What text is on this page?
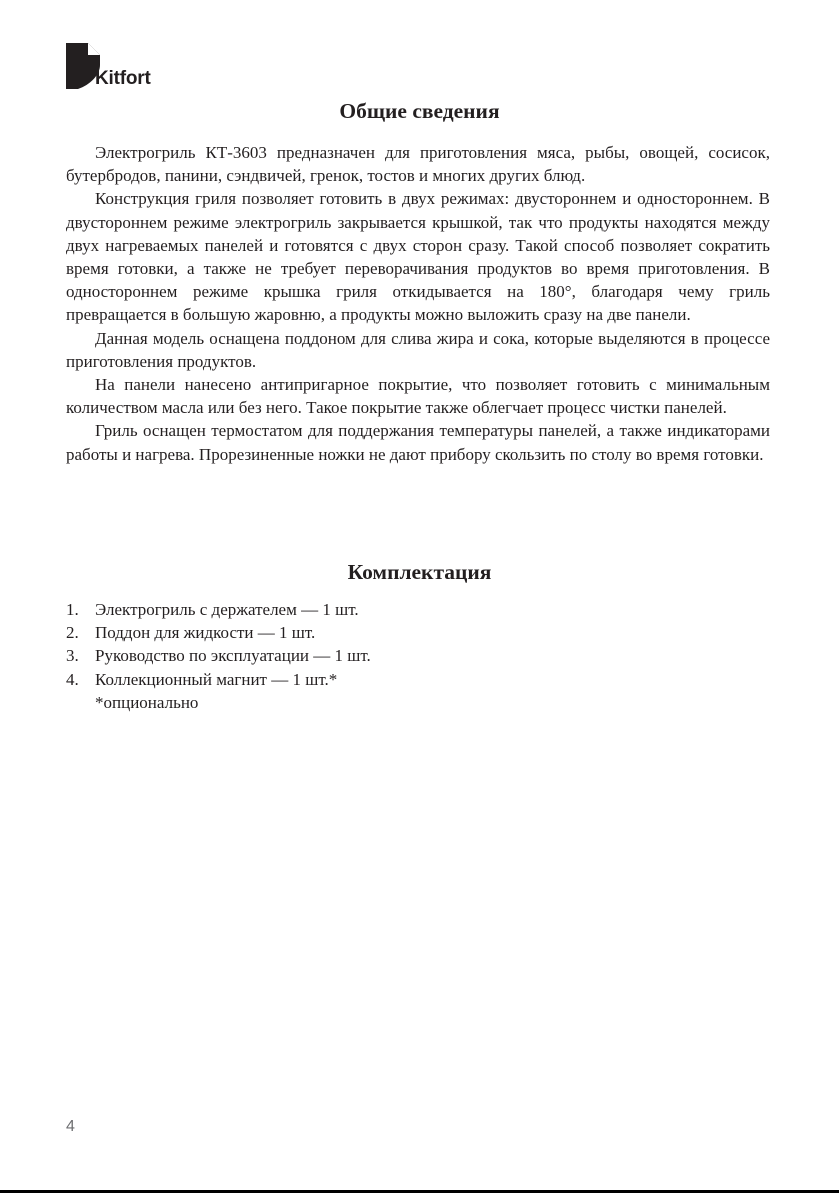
Kitfort
Общие сведения

Электрогриль КТ-3603 предназначен для приготовления мяса, рыбы, овощей, сосисок, бутербродов, панини, сэндвичей, гренок, тостов и многих других блюд.

Конструкция гриля позволяет готовить в двух режимах: двустороннем и одностороннем. В двустороннем режиме электрогриль закрывается крышкой, так что продукты находятся между двух нагреваемых панелей и готовятся с двух сторон сразу. Такой способ позволяет сократить время готовки, а также не требует переворачивания продуктов во время приготовления. В одностороннем режиме крышка гриля откидывается на 180°, благодаря чему гриль превращается в большую жаровню, а продукты можно выложить сразу на две панели.

Данная модель оснащена поддоном для слива жира и сока, которые выделяются в процессе приготовления продуктов.

На панели нанесено антипригарное покрытие, что позволяет готовить с минимальным количеством масла или без него. Такое покрытие также облегчает процесс чистки панелей.

Гриль оснащен термостатом для поддержания температуры панелей, а также индикаторами работы и нагрева. Прорезиненные ножки не дают прибору скользить по столу во время готовки.

Комплектация
1. Электрогриль с держателем — 1 шт.
2. Поддон для жидкости — 1 шт.
3. Руководство по эксплуатации — 1 шт.
4. Коллекционный магнит — 1 шт.*
*опционально
4
